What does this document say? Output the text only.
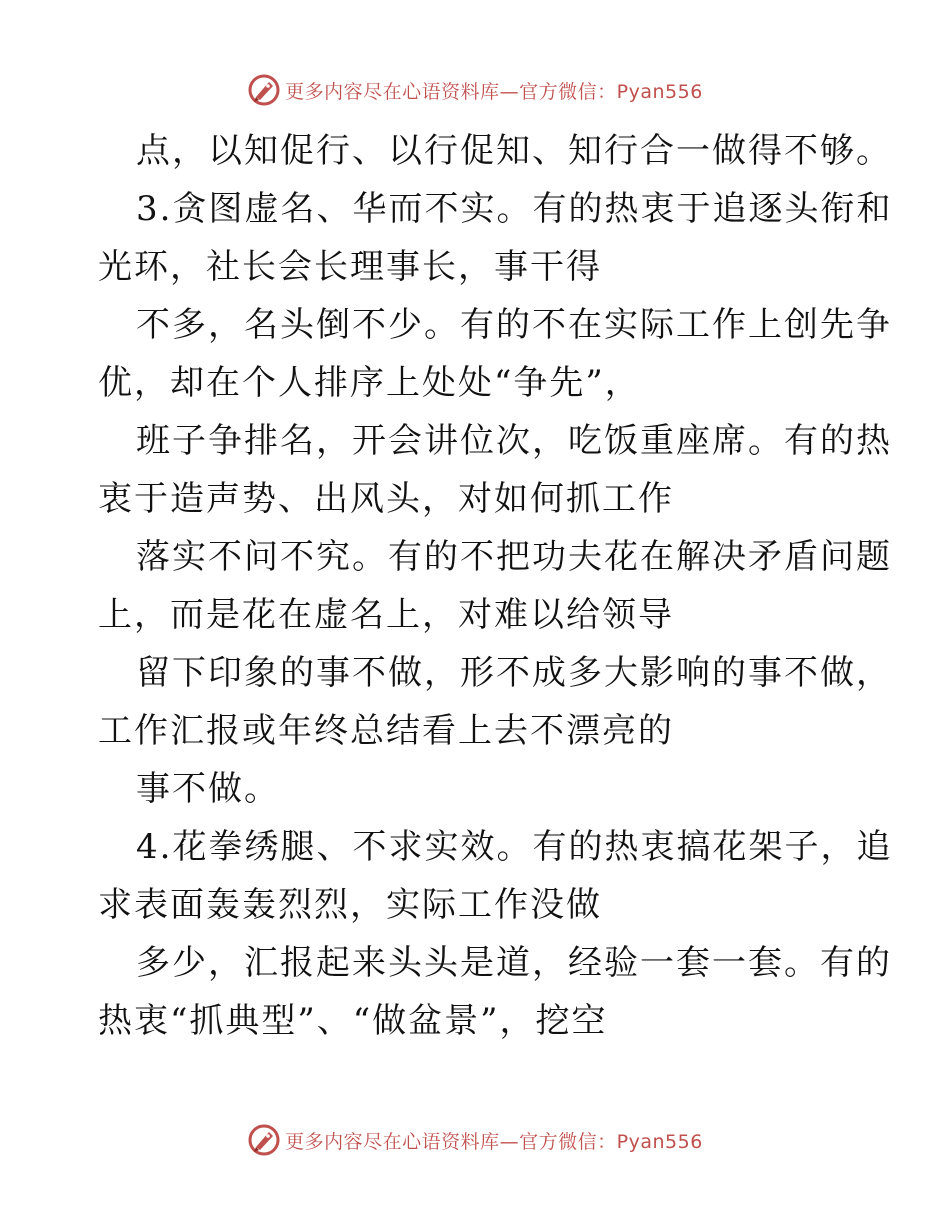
更多内容尽在心语资料库—官方微信：Pyan556
点，以知促行、以行促知、知行合一做得不够。
3.贪图虚名、华而不实。有的热衷于追逐头衔和
光环，社长会长理事长，事干得
不多，名头倒不少。有的不在实际工作上创先争
优，却在个人排序上处处“争先”，
班子争排名，开会讲位次，吃饭重座席。有的热
衷于造声势、出风头，对如何抓工作
落实不问不究。有的不把功夫花在解决矛盾问题
上，而是花在虚名上，对难以给领导
留下印象的事不做，形不成多大影响的事不做，
工作汇报或年终总结看上去不漂亮的
事不做。
4.花拳绣腿、不求实效。有的热衷搞花架子，追
求表面轰轰烈烈，实际工作没做
多少，汇报起来头头是道，经验一套一套。有的
热衷“抓典型”、“做盆景”，挖空
更多内容尽在心语资料库—官方微信：Pyan556
